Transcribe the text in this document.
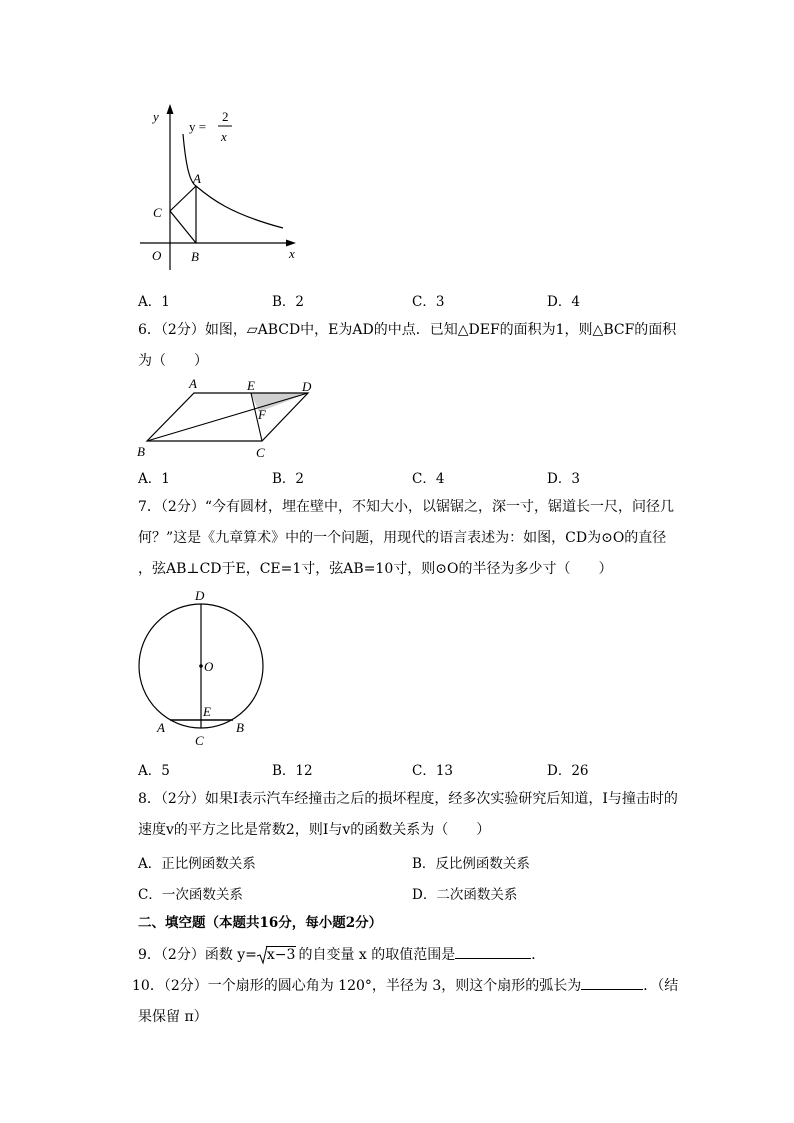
y
x
y =
2
x
A
B
C
O
A．1	B．2	C．3	D．4
6．（2分）如图，▱ABCD中，E为AD的中点．已知△DEF的面积为1，则△BCF的面积
为（　　）
A	E	D
F
B	C
A．1	B．2	C．4	D．3
7．（2分）“今有圆材，埋在壁中，不知大小，以锯锯之，深一寸，锯道长一尺，问径几
何？”这是《九章算术》中的一个问题，用现代的语言表述为：如图，CD为⊙O的直径
，弦AB⊥CD于E，CE=1寸，弦AB=10寸，则⊙O的半径为多少寸（　　）
D
O
E
A	B
C
A．5	B．12	C．13	D．26
8．（2分）如果I表示汽车经撞击之后的损坏程度，经多次实验研究后知道，I与撞击时的
速度v的平方之比是常数2，则I与v的函数关系为（　　）
A．正比例函数关系	B．反比例函数关系
C．一次函数关系	D．二次函数关系
二、填空题（本题共16分，每小题2分）
9．（2分）函数 y= x−3 的自变量 x 的取值范围是	．
10．（2分）一个扇形的圆心角为 120°，半径为 3，则这个扇形的弧长为	．（结
果保留 π）
